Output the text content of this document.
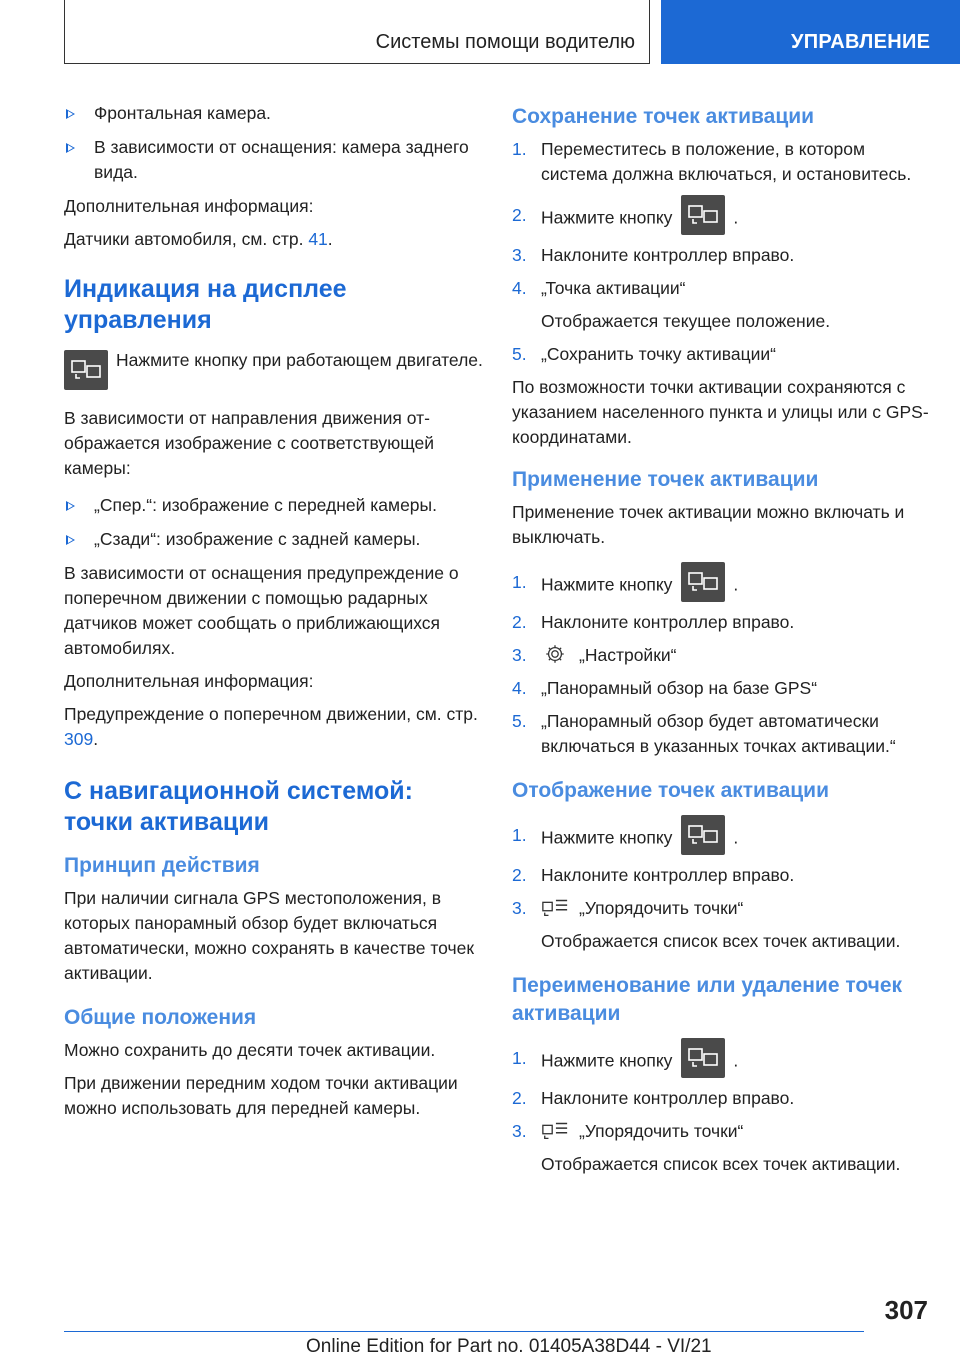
Системы помощи водителю	УПРАВЛЕНИЕ
Фронтальная камера.
В зависимости от оснащения: камера заднего вида.

Дополнительная информация:

Датчики автомобиля, см. стр. 41.

Индикация на дисплее управления
Нажмите кнопку при работающем двигателе.

В зависимости от направления движения отображается изображение с соответствующей камеры:

„Спер.“: изображение с передней камеры.
„Сзади“: изображение с задней камеры.

В зависимости от оснащения предупреждение о поперечном движении с помощью радарных датчиков может сообщать о приближающихся автомобилях.

Дополнительная информация:

Предупреждение о поперечном движении, см. стр. 309.

С навигационной системой: точки активации
Принцип действия

При наличии сигнала GPS местоположения, в которых панорамный обзор будет включаться автоматически, можно сохранять в качестве точек активации.

Общие положения

Можно сохранить до десяти точек активации.

При движении передним ходом точки активации можно использовать для передней камеры.

Сохранение точек активации
1. Переместитесь в положение, в котором система должна включаться, и остановитесь.
2. Нажмите кнопку	.
3. Наклоните контроллер вправо.
4. „Точка активации“
Отображается текущее положение.
5. „Сохранить точку активации“

По возможности точки активации сохраняются с указанием населенного пункта и улицы или с GPS-координатами.

Применение точек активации

Применение точек активации можно включать и выключать.

1. Нажмите кнопку	.
2. Наклоните контроллер вправо.
3.	„Настройки“
4. „Панорамный обзор на базе GPS“
5. „Панорамный обзор будет автоматически включаться в указанных точках активации.“
Отображение точек активации
1. Нажмите кнопку	.
2. Наклоните контроллер вправо.
3.	„Упорядочить точки“
Отображается список всех точек активации.
Переименование или удаление точек активации
1. Нажмите кнопку	.
2. Наклоните контроллер вправо.
3.	„Упорядочить точки“
Отображается список всех точек активации.
307
Online Edition for Part no. 01405A38D44 - VI/21
